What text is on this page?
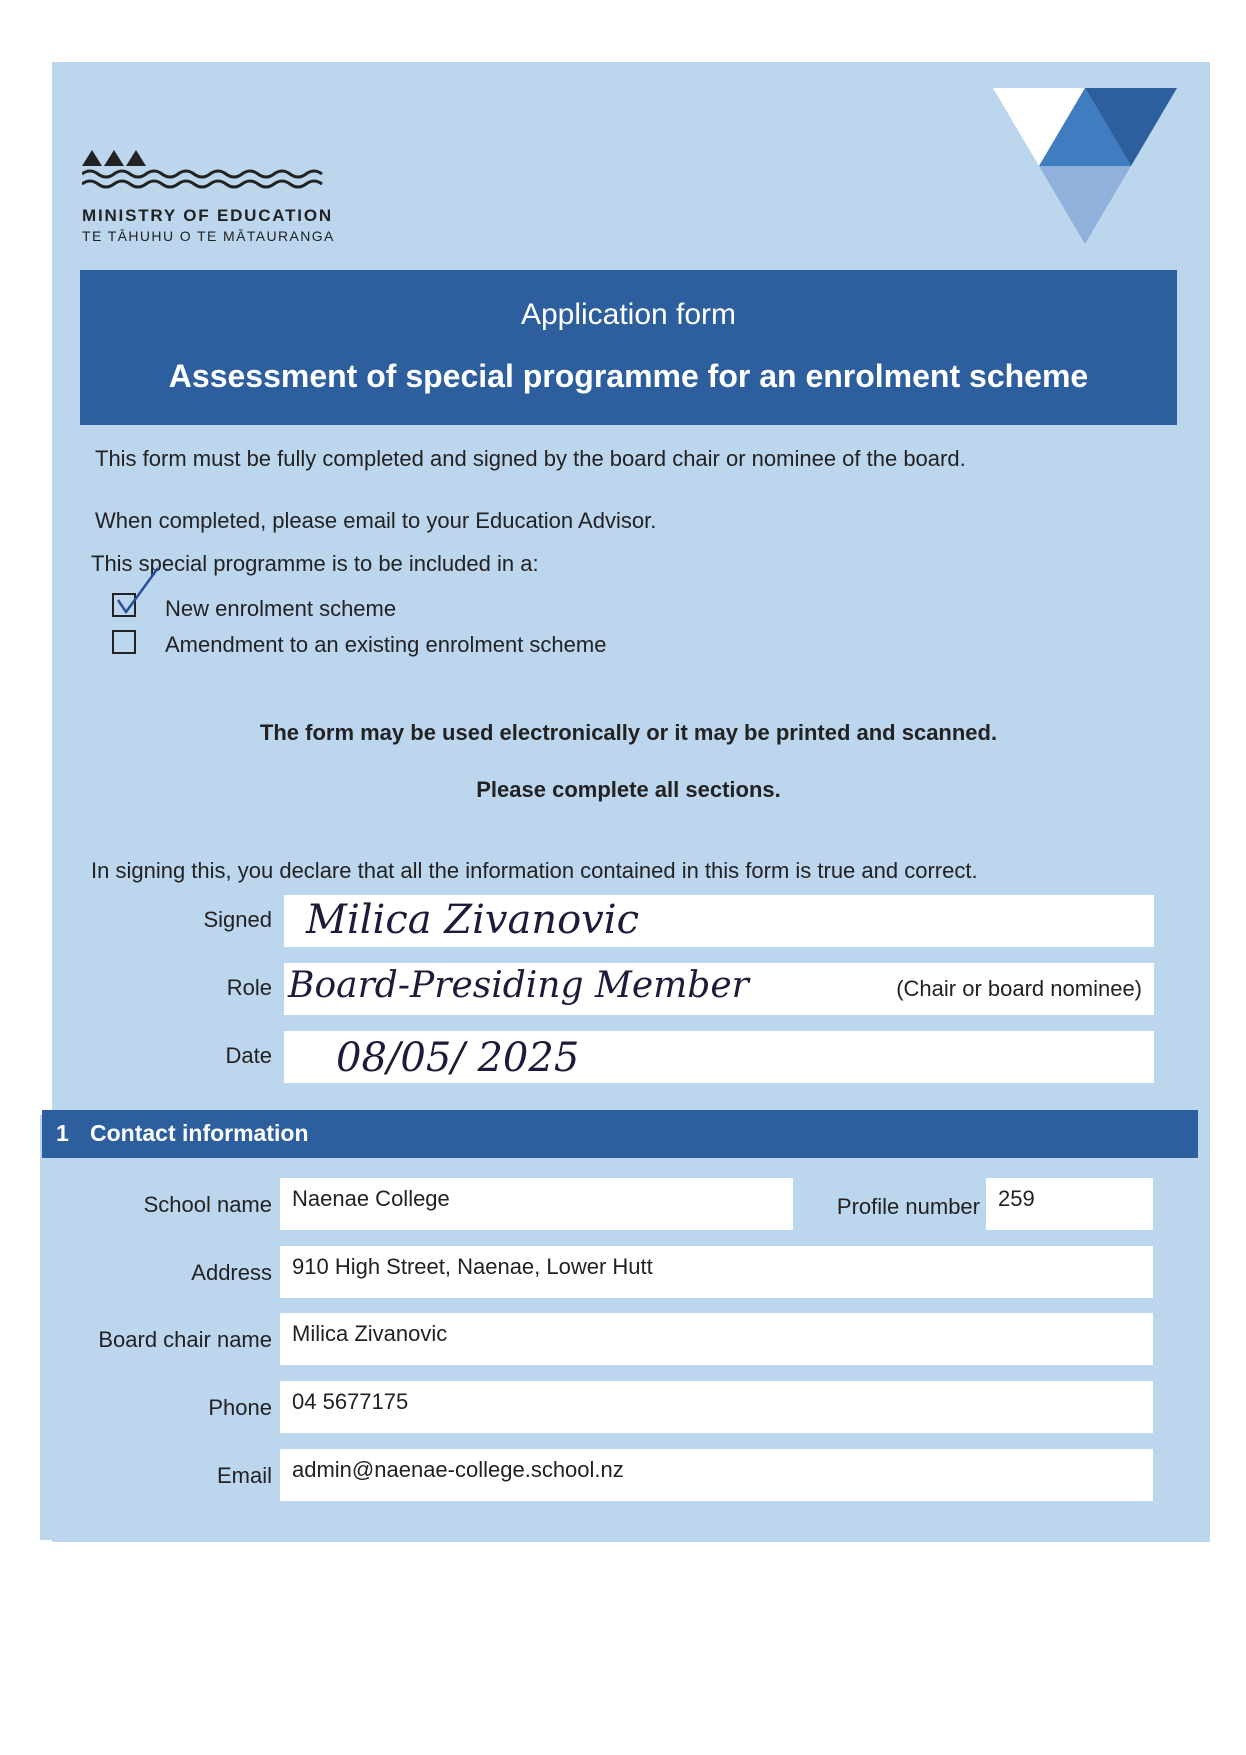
MINISTRY OF EDUCATION
TE TĀHUHU O TE MĀTAURANGA
Application form
Assessment of special programme for an enrolment scheme
This form must be fully completed and signed by the board chair or nominee of the board.
When completed, please email to your Education Advisor.
This special programme is to be included in a:
New enrolment scheme
Amendment to an existing enrolment scheme
The form may be used electronically or it may be printed and scanned.
Please complete all sections.
In signing this, you declare that all the information contained in this form is true and correct.
Signed Milica Zivanovic
Role Board-Presiding Member	(Chair or board nominee)
Date 08/05/ 2025
1 Contact information
School name Naenae College	Profile number 259
Address 910 High Street, Naenae, Lower Hutt
Board chair name Milica Zivanovic
Phone 04 5677175
Email admin@naenae-college.school.nz
